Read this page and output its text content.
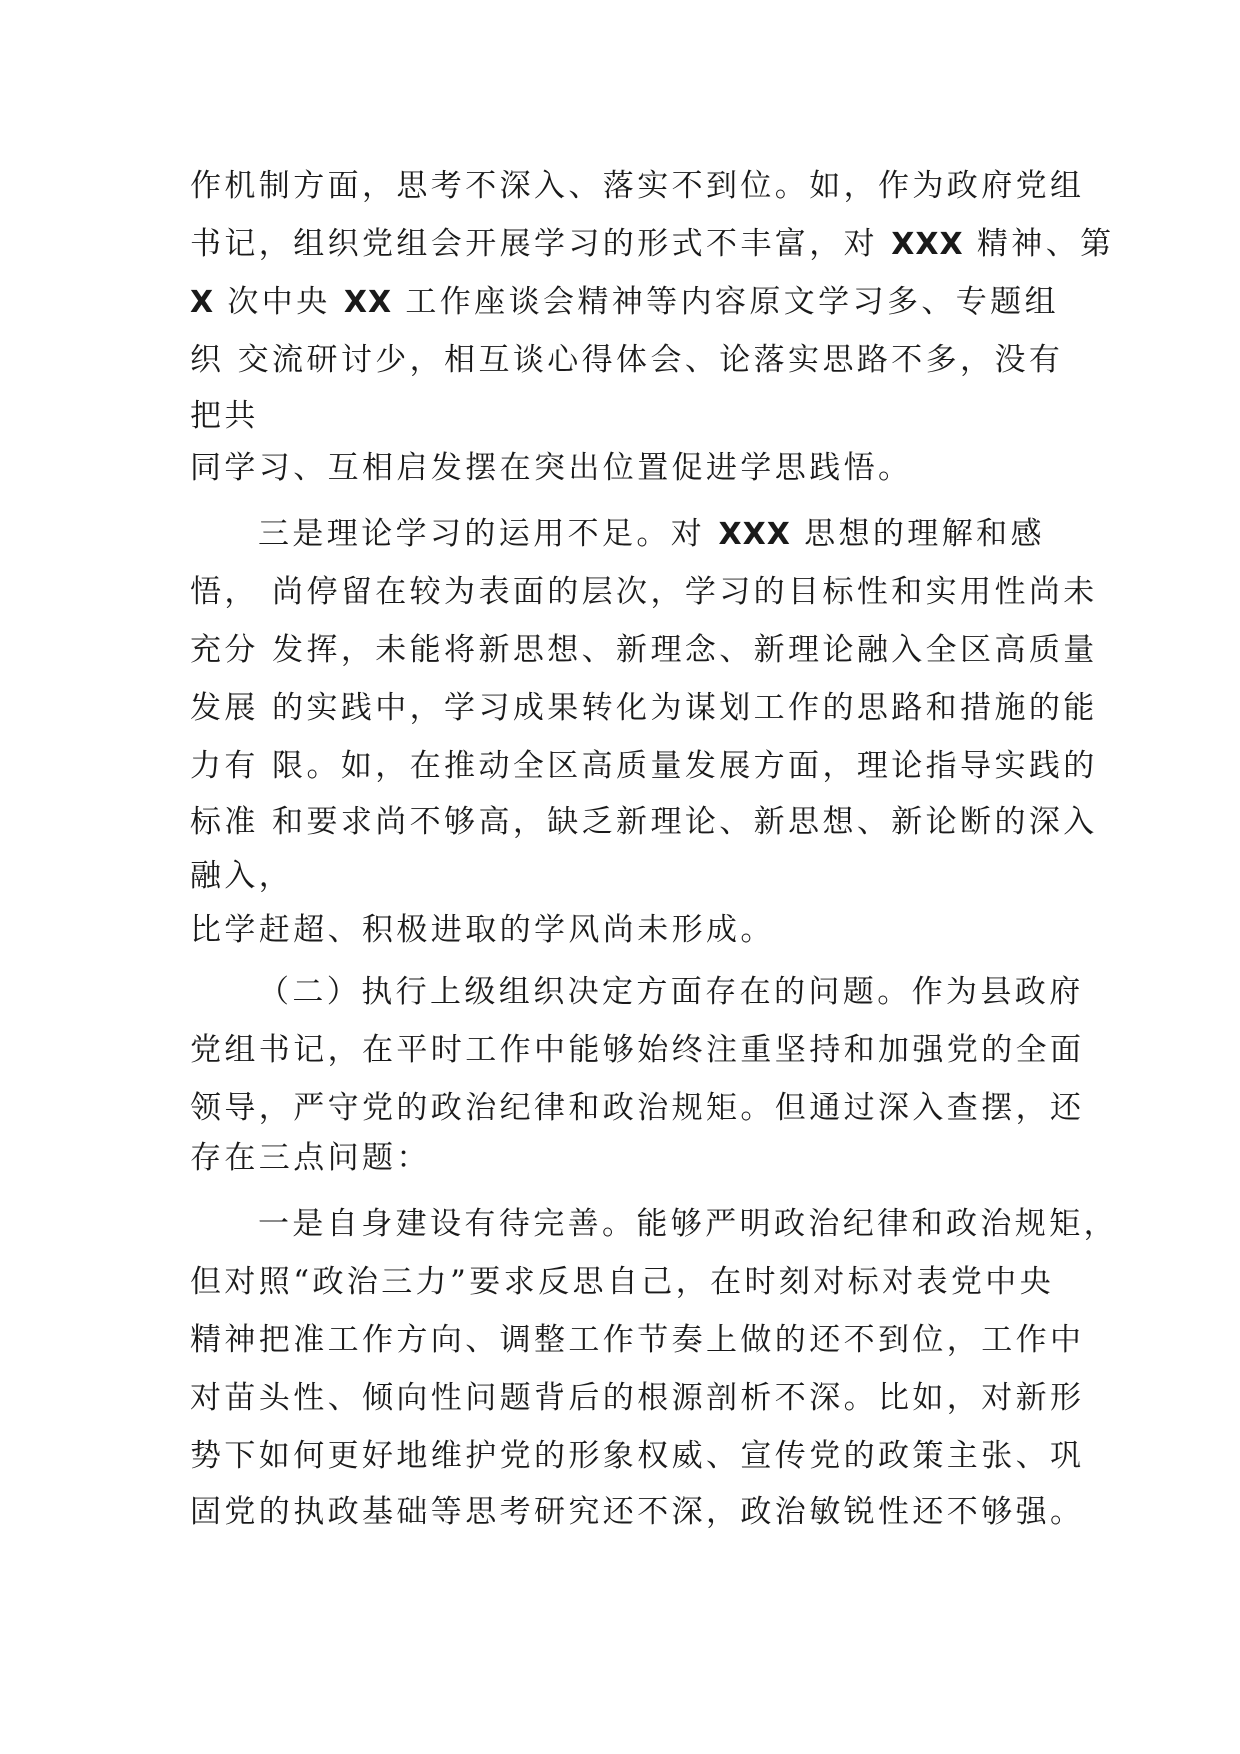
作机制方面，思考不深入、落实不到位。如，作为政府党组
书记，组织党组会开展学习的形式不丰富，对 XXX 精神、第
X 次中央 XX 工作座谈会精神等内容原文学习多、专题组
织 交流研讨少，相互谈心得体会、论落实思路不多，没有
把共
同学习、互相启发摆在突出位置促进学思践悟。
三是理论学习的运用不足。对 XXX 思想的理解和感
悟， 尚停留在较为表面的层次，学习的目标性和实用性尚未
充分 发挥，未能将新思想、新理念、新理论融入全区高质量
发展 的实践中，学习成果转化为谋划工作的思路和措施的能
力有 限。如，在推动全区高质量发展方面，理论指导实践的
标准 和要求尚不够高，缺乏新理论、新思想、新论断的深入
融入，
比学赶超、积极进取的学风尚未形成。
（二）执行上级组织决定方面存在的问题。作为县政府
党组书记，在平时工作中能够始终注重坚持和加强党的全面
领导，严守党的政治纪律和政治规矩。但通过深入查摆，还
存在三点问题：
一是自身建设有待完善。能够严明政治纪律和政治规矩，
但对照“政治三力”要求反思自己，在时刻对标对表党中央
精神把准工作方向、调整工作节奏上做的还不到位，工作中
对苗头性、倾向性问题背后的根源剖析不深。比如，对新形
势下如何更好地维护党的形象权威、宣传党的政策主张、巩
固党的执政基础等思考研究还不深，政治敏锐性还不够强。
